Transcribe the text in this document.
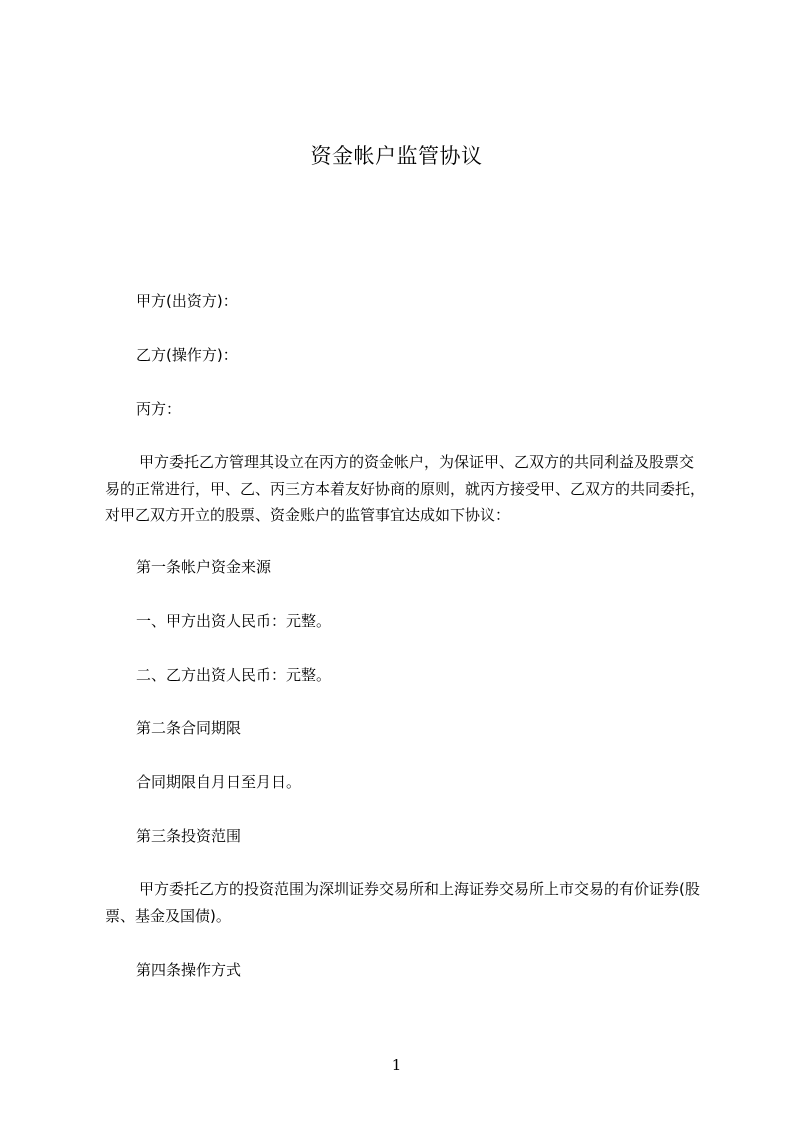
资金帐户监管协议
甲方(出资方)：
乙方(操作方)：
丙方：
甲方委托乙方管理其设立在丙方的资金帐户，为保证甲、乙双方的共同利益及股票交易的正常进行，甲、乙、丙三方本着友好协商的原则，就丙方接受甲、乙双方的共同委托，对甲乙双方开立的股票、资金账户的监管事宜达成如下协议：
第一条帐户资金来源
一、甲方出资人民币：元整。
二、乙方出资人民币：元整。
第二条合同期限
合同期限自月日至月日。
第三条投资范围
甲方委托乙方的投资范围为深圳证券交易所和上海证券交易所上市交易的有价证券(股票、基金及国债)。
第四条操作方式
1
